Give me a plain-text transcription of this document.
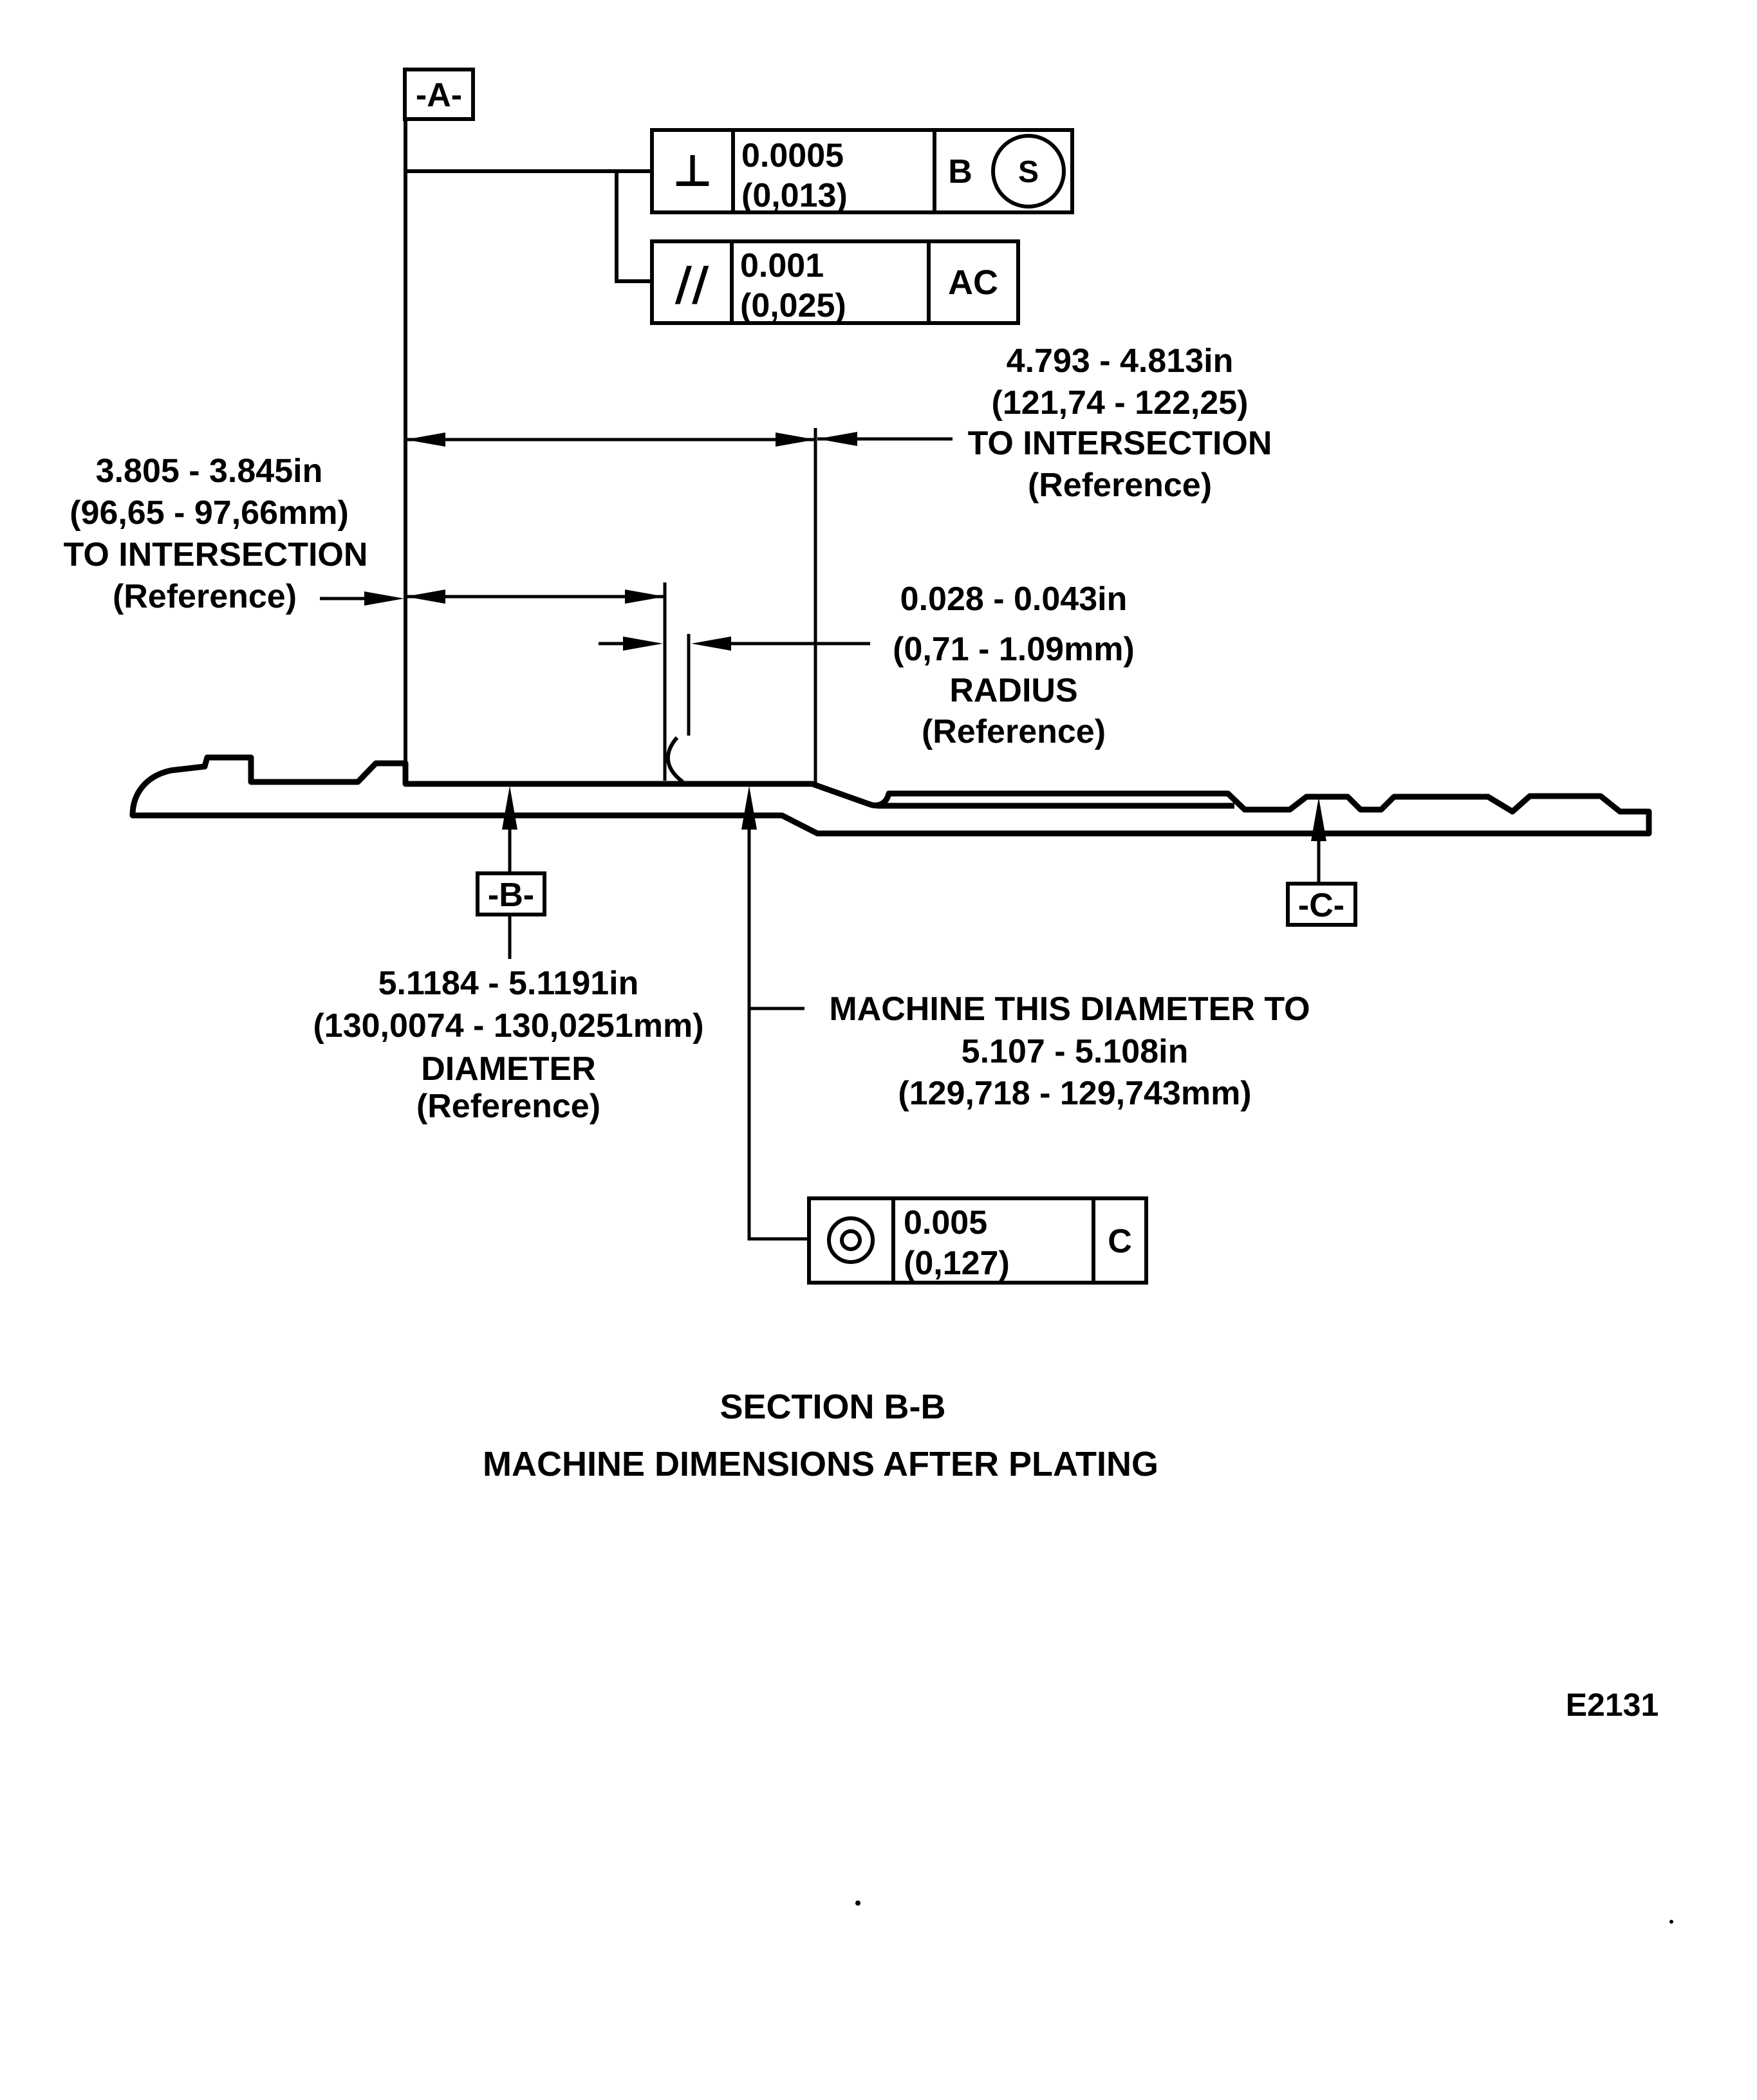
-A-
⊥ 0.0005
(0,013)
B S
// 0.001
(0,025)
AC
4.793 - 4.813in
(121,74 - 122,25)
TO INTERSECTION
(Reference)
3.805 - 3.845in
(96,65 - 97,66mm)
TO INTERSECTION
(Reference)	0.028 - 0.043in
(0,71 - 1.09mm)
RADIUS
(Reference)
-B-
5.1184 - 5.1191in
(130,0074 - 130,0251mm)
DIAMETER
(Reference)
MACHINE THIS DIAMETER TO
5.107 - 5.108in
(129,718 - 129,743mm)
0.005
(0,127)
C
-C-
SECTION B-B
MACHINE DIMENSIONS AFTER PLATING
E2131
